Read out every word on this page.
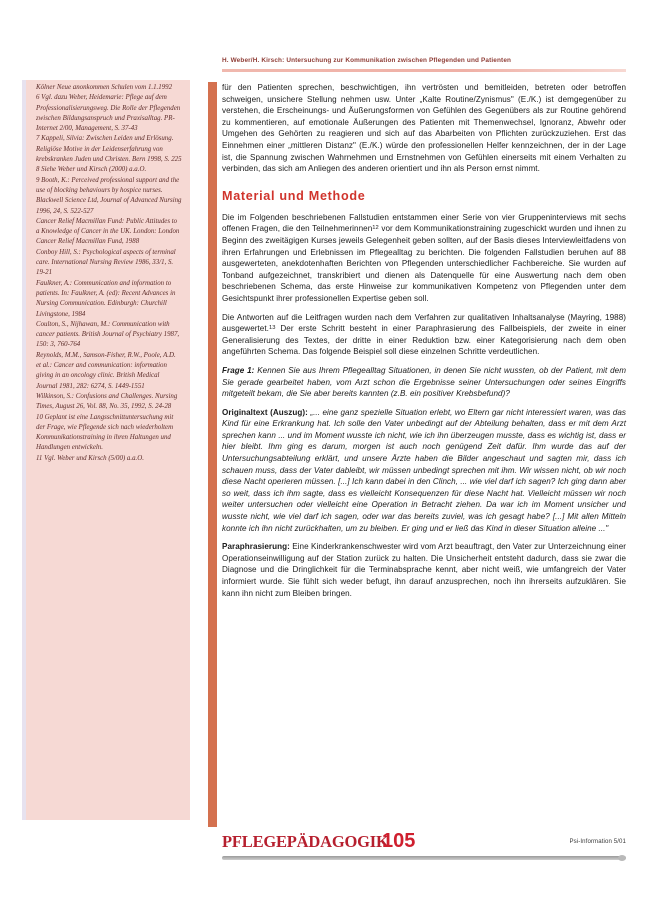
H. Weber/H. Kirsch: Untersuchung zur Kommunikation zwischen Pflegenden und Patienten

Kölner Neue anonkommen Schulen vom 1.1.1992

6 Vgl. dazu Weber, Heidemarie: Pflege auf dem Professionalisierungsweg. Die Rolle der Pflegenden zwischen Bildungsanspruch und Praxisalltag. PR-Internet 2/00, Management, S. 37-43

7 Kappeli, Silvia: Zwischen Leiden und Erlösung. Religiöse Motive in der Leidenserfahrung von krebskranken Juden und Christen. Bern 1998, S. 225

8 Siehe Weber und Kirsch (2000) a.a.O.

9 Booth, K.: Perceived professional support and the use of blocking behaviours by hospice nurses. Blackwell Science Ltd, Journal of Advanced Nursing 1996, 24, S. 522-527

Cancer Relief Macmillan Fund: Public Attitudes to a Knowledge of Cancer in the UK. London: London Cancer Relief Macmillan Fund, 1988

Conboy Hill, S.: Psychological aspects of terminal care. International Nursing Review 1986, 33/1, S. 19-21

Faulkner, A.: Communication and information to patients. In: Faulkner, A. (ed): Recent Advances in Nursing Communication. Edinburgh: Churchill Livingstone, 1984

Coulton, S., Nijhawan, M.: Communication with cancer patients. British Journal of Psychiatry 1987, 150: 3, 760-764

Reynolds, M.M., Samson-Fisher, R.W., Poole, A.D. et al.: Cancer and communication: information giving in an oncology clinic. British Medical Journal 1981, 282: 6274, S. 1449-1551

Wilkinson, S.: Confusions and Challenges. Nursing Times, August 26, Vol. 88, No. 35, 1992, S. 24-28

10 Geplant ist eine Langsschnittuntersuchung mit der Frage, wie Pflegende sich nach wiederholtem Kommunikationstraining in ihren Haltungen und Handlungen entwickeln.

11 Vgl. Weber und Kirsch (5/00) a.a.O.

für den Patienten sprechen, beschwichtigen, ihn vertrösten und bemitleiden, betreten oder betroffen schweigen, unsichere Stellung nehmen usw. Unter „Kalte Routine/Zynismus" (E./K.) ist demgegenüber zu verstehen, die Erscheinungs- und Äußerungsformen von Gefühlen des Gegenübers als zur Routine gehörend zu kommentieren, auf emotionale Äußerungen des Patienten mit Themenwechsel, Ignoranz, Abwehr oder Umgehen des Gehörten zu reagieren und sich auf das Abarbeiten von Pflichten zurückzuziehen. Erst das Einnehmen einer „mittleren Distanz" (E./K.) würde den professionellen Helfer kennzeichnen, der in der Lage ist, die Spannung zwischen Wahrnehmen und Ernstnehmen von Gefühlen einerseits mit einem Verhalten zu verbinden, das sich am Anliegen des anderen orientiert und ihn als Person ernst nimmt.

Material und Methode

Die im Folgenden beschriebenen Fallstudien entstammen einer Serie von vier Gruppeninterviews mit sechs offenen Fragen, die den Teilnehmerinnen$^{12}$ vor dem Kommunikationstraining zugeschickt wurden und ihnen zu Beginn des zweitägigen Kurses jeweils Gelegenheit geben sollten, auf der Basis dieses Interviewleitfadens von ihren Erfahrungen und Erlebnissen im Pflegealltag zu berichten. Die folgenden Fallstudien beruhen auf 88 ausgewerteten, anekdotenhaften Berichten von Pflegenden unterschiedlicher Fachbereiche. Sie wurden auf Tonband aufgezeichnet, transkribiert und dienen als Datenquelle für eine Auswertung nach dem oben beschriebenen Schema, das erste Hinweise zur kommunikativen Kompetenz von Pflegenden unter dem Gesichtspunkt ihrer professionellen Expertise geben soll.

Die Antworten auf die Leitfragen wurden nach dem Verfahren zur qualitativen Inhaltsanalyse (Mayring, 1988) ausgewertet.$^{13}$ Der erste Schritt besteht in einer Paraphrasierung des Fallbeispiels, der zweite in einer Generalisierung des Textes, der dritte in einer Reduktion bzw. einer Kategorisierung nach dem oben angeführten Schema. Das folgende Beispiel soll diese einzelnen Schritte verdeutlichen.

Frage 1: Kennen Sie aus Ihrem Pflegealltag Situationen, in denen Sie nicht wussten, ob der Patient, mit dem Sie gerade gearbeitet haben, vom Arzt schon die Ergebnisse seiner Untersuchungen oder seines Eingriffs mitgeteilt bekam, die Sie aber bereits kannten (z.B. ein positiver Krebsbefund)?

Originaltext (Auszug): „... eine ganz spezielle Situation erlebt, wo Eltern gar nicht interessiert waren, was das Kind für eine Erkrankung hat. Ich solle den Vater unbedingt auf der Abteilung behalten, dass er mit dem Arzt sprechen kann ... und im Moment wusste ich nicht, wie ich ihn überzeugen musste, dass es wichtig ist, dass er hier bleibt. Ihm ging es darum, morgen ist auch noch genügend Zeit dafür. Ihm wurde das auf der Untersuchungsabteilung erklärt, und unsere Ärzte haben die Bilder angeschaut und sagten mir, dass ich schauen muss, dass der Vater dableibt, wir müssen unbedingt sprechen mit ihm. Wir wissen nicht, ob wir noch diese Nacht operieren müssen. [...] Ich kann dabei in den Clinch, ... wie viel darf ich sagen? Ich ging dann aber so weit, dass ich ihm sagte, dass es vielleicht Konsequenzen für diese Nacht hat. Vielleicht müssen wir noch weiter untersuchen oder vielleicht eine Operation in Betracht ziehen. Da war ich im Moment unsicher und wusste nicht, wie viel darf ich sagen, oder war das bereits zuviel, was ich gesagt habe? [...] Mit allen Mitteln konnte ich ihn nicht zurückhalten, um zu bleiben. Er ging und er ließ das Kind in dieser Situation alleine ..."

Paraphrasierung: Eine Kinderkrankenschwester wird vom Arzt beauftragt, den Vater zur Unterzeichnung einer Operationseinwilligung auf der Station zurück zu halten. Die Unsicherheit entsteht dadurch, dass sie zwar die Diagnose und die Dringlichkeit für die Terminabsprache kennt, aber nicht weiß, wie umfangreich der Vater informiert wurde. Sie fühlt sich weder befugt, ihn darauf anzusprechen, noch ihn ihrerseits aufzuklären. Sie kann ihn nicht zum Bleiben bringen.

PFLEGEPÄDAGOGIK
105	Psi-Information 5/01
